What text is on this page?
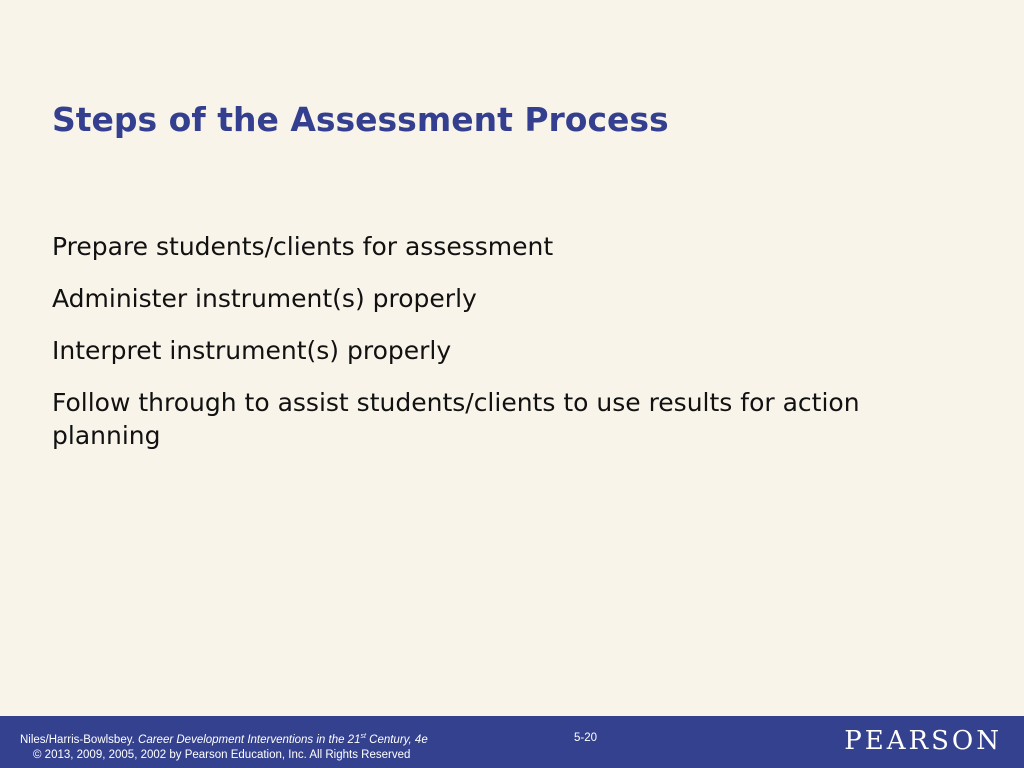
Steps of the Assessment Process
Prepare students/clients for assessment
Administer instrument(s) properly
Interpret instrument(s) properly
Follow through to assist students/clients to use results for action planning
Niles/Harris-Bowlsbey. Career Development Interventions in the 21st Century, 4e
© 2013, 2009, 2005, 2002 by Pearson Education, Inc. All Rights Reserved
5-20	PEARSON
